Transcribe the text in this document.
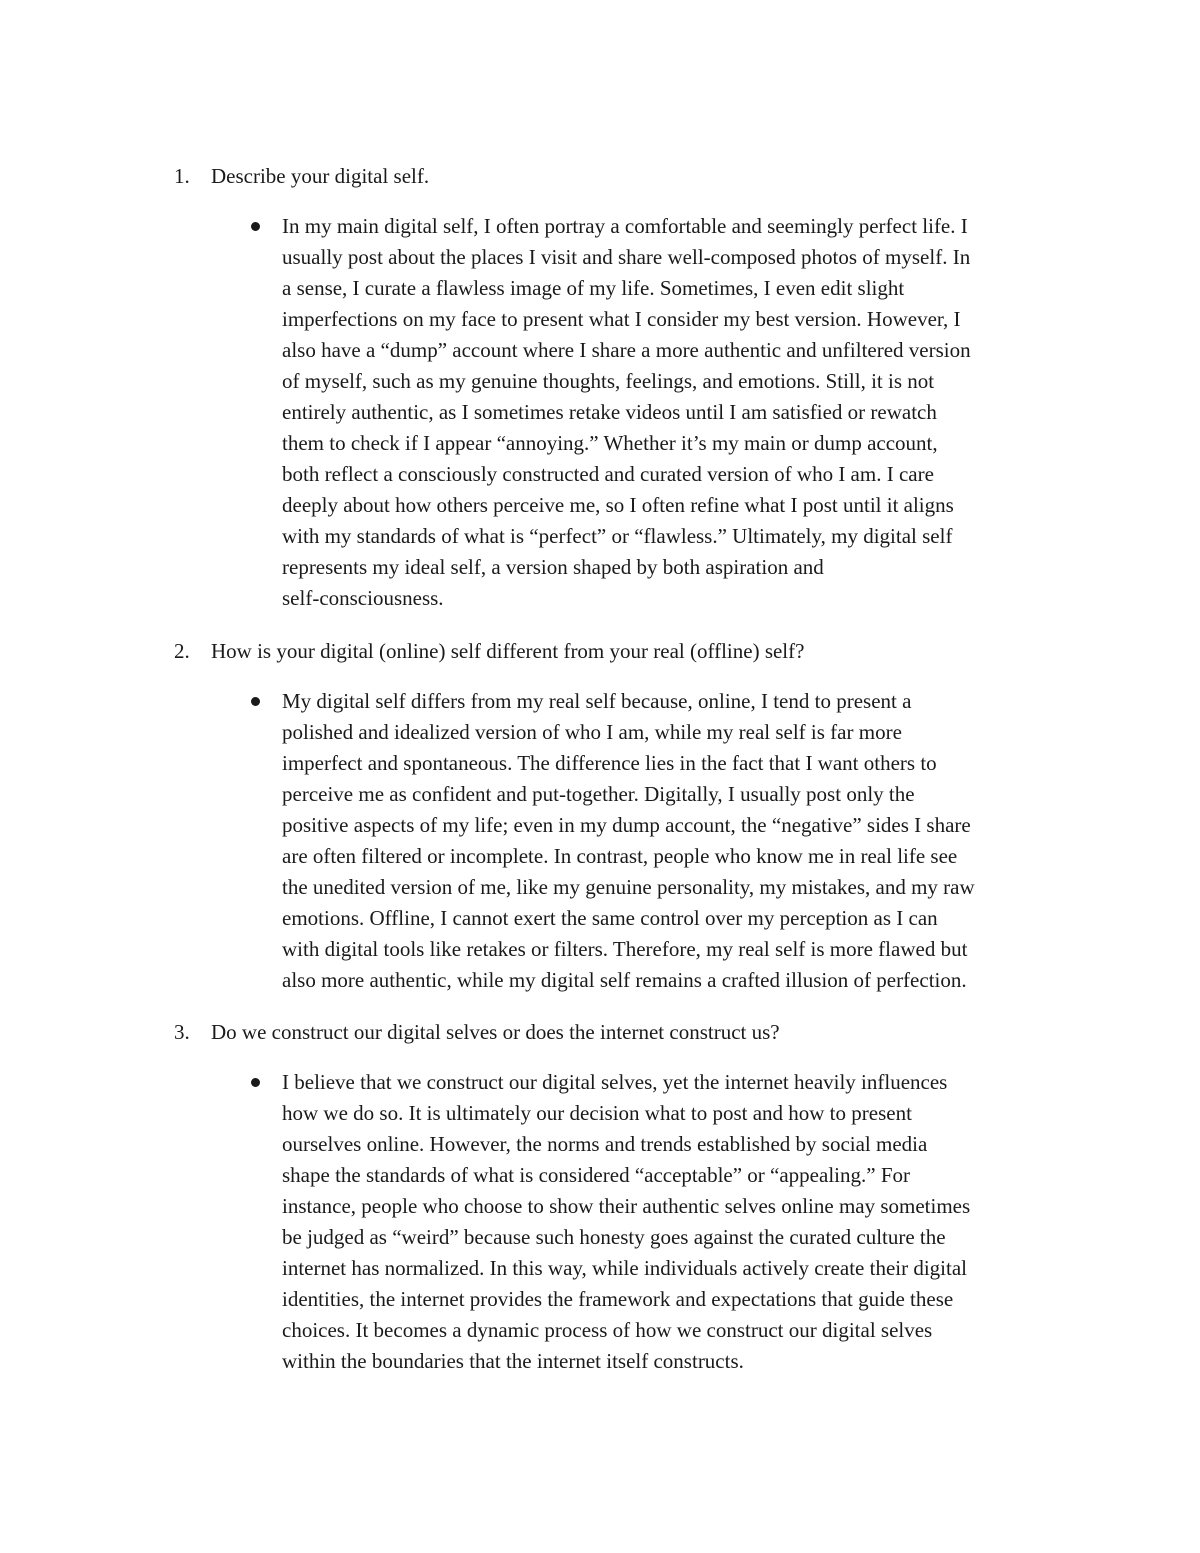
1. Describe your digital self.
In my main digital self, I often portray a comfortable and seemingly perfect life. I
usually post about the places I visit and share well-composed photos of myself. In
a sense, I curate a flawless image of my life. Sometimes, I even edit slight
imperfections on my face to present what I consider my best version. However, I
also have a “dump” account where I share a more authentic and unfiltered version
of myself, such as my genuine thoughts, feelings, and emotions. Still, it is not
entirely authentic, as I sometimes retake videos until I am satisfied or rewatch
them to check if I appear “annoying.” Whether it’s my main or dump account,
both reflect a consciously constructed and curated version of who I am. I care
deeply about how others perceive me, so I often refine what I post until it aligns
with my standards of what is “perfect” or “flawless.” Ultimately, my digital self
represents my ideal self, a version shaped by both aspiration and
self-consciousness.
2. How is your digital (online) self different from your real (offline) self?
My digital self differs from my real self because, online, I tend to present a
polished and idealized version of who I am, while my real self is far more
imperfect and spontaneous. The difference lies in the fact that I want others to
perceive me as confident and put-together. Digitally, I usually post only the
positive aspects of my life; even in my dump account, the “negative” sides I share
are often filtered or incomplete. In contrast, people who know me in real life see
the unedited version of me, like my genuine personality, my mistakes, and my raw
emotions. Offline, I cannot exert the same control over my perception as I can
with digital tools like retakes or filters. Therefore, my real self is more flawed but
also more authentic, while my digital self remains a crafted illusion of perfection.
3. Do we construct our digital selves or does the internet construct us?
I believe that we construct our digital selves, yet the internet heavily influences
how we do so. It is ultimately our decision what to post and how to present
ourselves online. However, the norms and trends established by social media
shape the standards of what is considered “acceptable” or “appealing.” For
instance, people who choose to show their authentic selves online may sometimes
be judged as “weird” because such honesty goes against the curated culture the
internet has normalized. In this way, while individuals actively create their digital
identities, the internet provides the framework and expectations that guide these
choices. It becomes a dynamic process of how we construct our digital selves
within the boundaries that the internet itself constructs.
